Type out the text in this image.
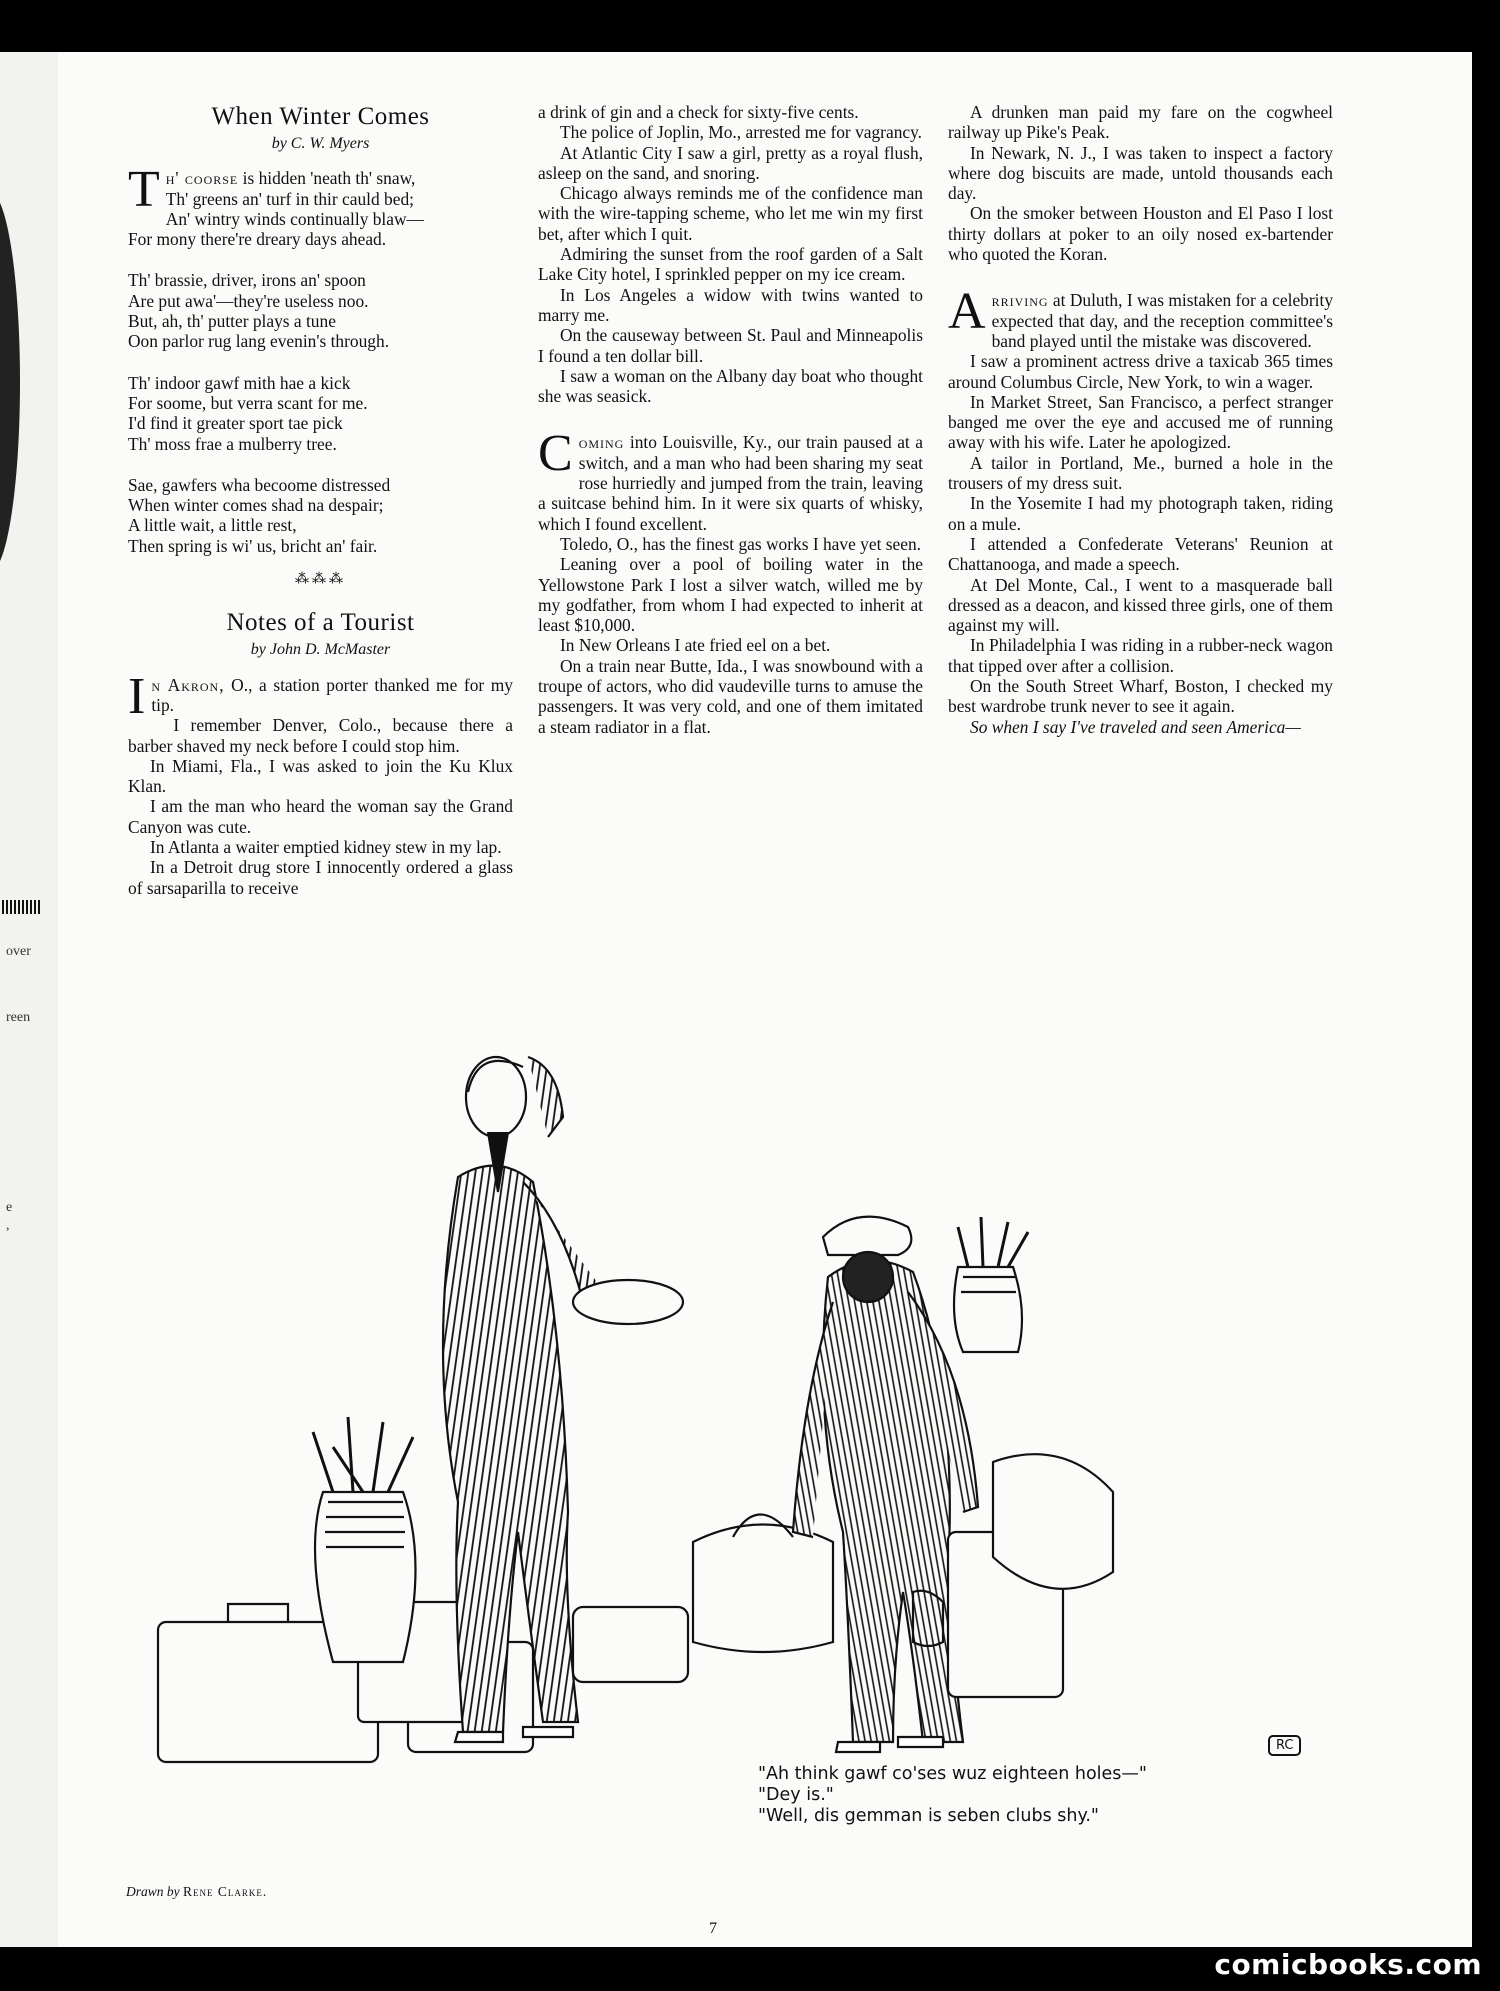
over
reen
e
,
When Winter Comes
by C. W. Myers
T h' coorse is hidden 'neath th' snaw,
Th' greens an' turf in thir cauld bed;
An' wintry winds continually blaw—
For mony there're dreary days ahead.
Th' brassie, driver, irons an' spoon
Are put awa'—they're useless noo.
But, ah, th' putter plays a tune
Oon parlor rug lang evenin's through.
Th' indoor gawf mith hae a kick
For soome, but verra scant for me.
I'd find it greater sport tae pick
Th' moss frae a mulberry tree.
Sae, gawfers wha becoome distressed
When winter comes shad na despair;
A little wait, a little rest,
Then spring is wi' us, bricht an' fair.
⁂⁂⁂
Notes of a Tourist
by John D. McMaster

In Akron, O., a station porter thanked me for my tip.

I remember Denver, Colo., because there a barber shaved my neck before I could stop him.

In Miami, Fla., I was asked to join the Ku Klux Klan.

I am the man who heard the woman say the Grand Canyon was cute.

In Atlanta a waiter emptied kidney stew in my lap.

In a Detroit drug store I innocently ordered a glass of sarsaparilla to receive

a drink of gin and a check for sixty-five cents.

The police of Joplin, Mo., arrested me for vagrancy.

At Atlantic City I saw a girl, pretty as a royal flush, asleep on the sand, and snoring.

Chicago always reminds me of the confidence man with the wire-tapping scheme, who let me win my first bet, after which I quit.

Admiring the sunset from the roof garden of a Salt Lake City hotel, I sprinkled pepper on my ice cream.

In Los Angeles a widow with twins wanted to marry me.

On the causeway between St. Paul and Minneapolis I found a ten dollar bill.

I saw a woman on the Albany day boat who thought she was seasick.

Coming into Louisville, Ky., our train paused at a switch, and a man who had been sharing my seat rose hurriedly and jumped from the train, leaving a suitcase behind him. In it were six quarts of whisky, which I found excellent.

Toledo, O., has the finest gas works I have yet seen.

Leaning over a pool of boiling water in the Yellowstone Park I lost a silver watch, willed me by my godfather, from whom I had expected to inherit at least $10,000.

In New Orleans I ate fried eel on a bet.

On a train near Butte, Ida., I was snowbound with a troupe of actors, who did vaudeville turns to amuse the passengers. It was very cold, and one of them imitated a steam radiator in a flat.

A drunken man paid my fare on the cogwheel railway up Pike's Peak.

In Newark, N. J., I was taken to inspect a factory where dog biscuits are made, untold thousands each day.

On the smoker between Houston and El Paso I lost thirty dollars at poker to an oily nosed ex-bartender who quoted the Koran.

Arriving at Duluth, I was mistaken for a celebrity expected that day, and the reception committee's band played until the mistake was discovered.

I saw a prominent actress drive a taxicab 365 times around Columbus Circle, New York, to win a wager.

In Market Street, San Francisco, a perfect stranger banged me over the eye and accused me of running away with his wife. Later he apologized.

A tailor in Portland, Me., burned a hole in the trousers of my dress suit.

In the Yosemite I had my photograph taken, riding on a mule.

I attended a Confederate Veterans' Reunion at Chattanooga, and made a speech.

At Del Monte, Cal., I went to a masquerade ball dressed as a deacon, and kissed three girls, one of them against my will.

In Philadelphia I was riding in a rubber-neck wagon that tipped over after a collision.

On the South Street Wharf, Boston, I checked my best wardrobe trunk never to see it again.

So when I say I've traveled and seen America—

RC
"Ah think gawf co'ses wuz eighteen holes—"
"Dey is."
"Well, dis gemman is seben clubs shy."
Drawn by Rene Clarke.
7
comicbooks.com
